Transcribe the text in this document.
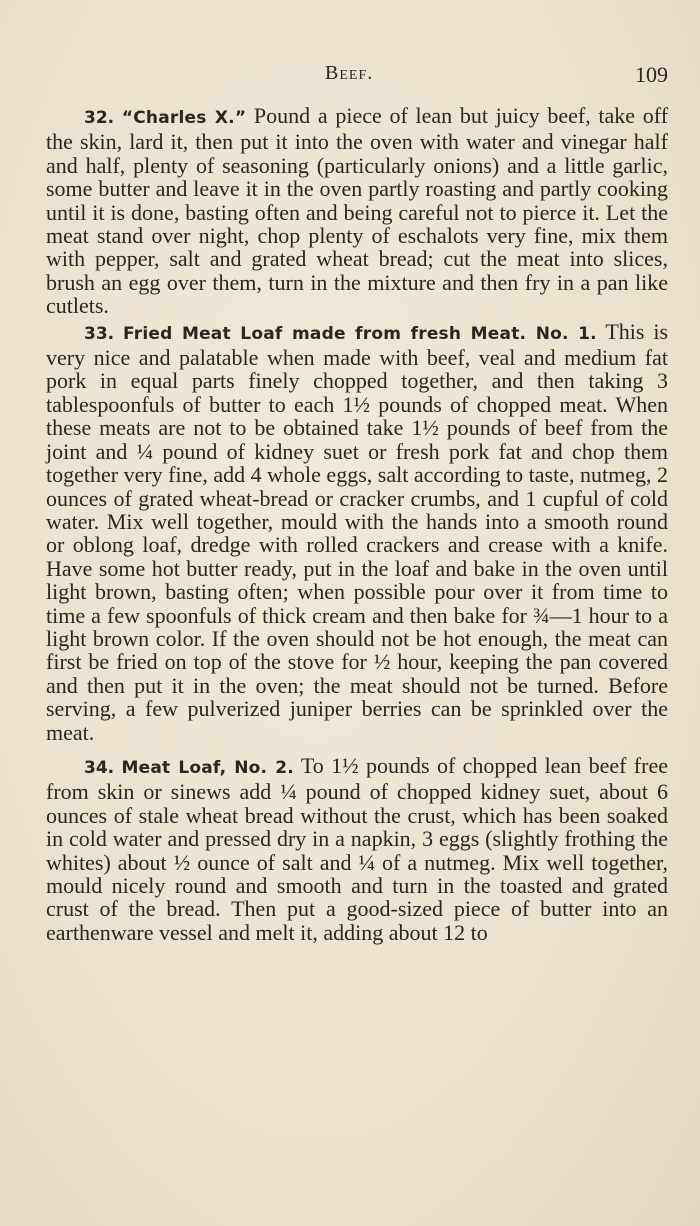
Beef.	109

32. “Charles X.” Pound a piece of lean but juicy beef, take off the skin, lard it, then put it into the oven with water and vinegar half and half, plenty of seasoning (particularly onions) and a little garlic, some butter and leave it in the oven partly roasting and partly cooking until it is done, basting often and being careful not to pierce it. Let the meat stand over night, chop plenty of eschalots very fine, mix them with pepper, salt and grated wheat bread; cut the meat into slices, brush an egg over them, turn in the mixture and then fry in a pan like cutlets.

33. Fried Meat Loaf made from fresh Meat. No. 1. This is very nice and palatable when made with beef, veal and medium fat pork in equal parts finely chopped together, and then taking 3 tablespoonfuls of butter to each 1½ pounds of chopped meat. When these meats are not to be obtained take 1½ pounds of beef from the joint and ¼ pound of kidney suet or fresh pork fat and chop them together very fine, add 4 whole eggs, salt according to taste, nutmeg, 2 ounces of grated wheat-bread or cracker crumbs, and 1 cupful of cold water. Mix well together, mould with the hands into a smooth round or oblong loaf, dredge with rolled crackers and crease with a knife. Have some hot butter ready, put in the loaf and bake in the oven until light brown, basting often; when possible pour over it from time to time a few spoonfuls of thick cream and then bake for ¾—1 hour to a light brown color. If the oven should not be hot enough, the meat can first be fried on top of the stove for ½ hour, keeping the pan covered and then put it in the oven; the meat should not be turned. Before serving, a few pulverized juniper berries can be sprinkled over the meat.

34. Meat Loaf, No. 2. To 1½ pounds of chopped lean beef free from skin or sinews add ¼ pound of chopped kidney suet, about 6 ounces of stale wheat bread without the crust, which has been soaked in cold water and pressed dry in a napkin, 3 eggs (slightly frothing the whites) about ½ ounce of salt and ¼ of a nutmeg. Mix well together, mould nicely round and smooth and turn in the toasted and grated crust of the bread. Then put a good-sized piece of butter into an earthenware vessel and melt it, adding about 12 to
